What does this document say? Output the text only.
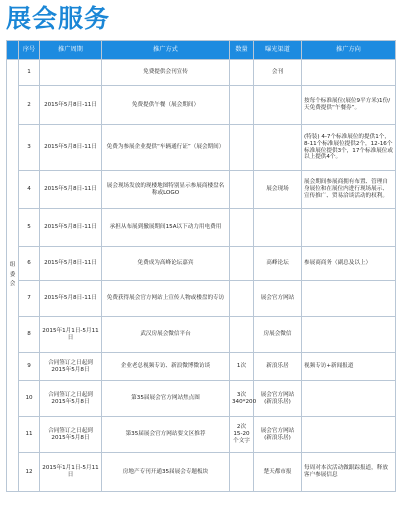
展会服务
	序号	推广周期	推广方式	数量	曝光渠道	推广方向
组委会	1		免费提供会刊宣传		会刊	
	2	2015年5月8日-11日	免费提供午餐（展会期间）			按每个标准展位(展位9平方米)1份/天免费提供“午餐券”。
	3	2015年5月8日-11日	免费为参展企业提供“车辆通行证”（展会期间）			(特装) 4-7个标准展位的提供1个，8-11个标准展位提供2个，12-16个标准展位提供3个，17个标准展位或以上提供4个。
	4	2015年5月8日-11日	展会现场发放的现楼地图特别显示参展商楼盘名称或LOGO		展会现场	展会期间参展商拥有布置、管理自身展位和在展位内进行现场展示、宣传推广、贸易洽谈活动的权利。
	5	2015年5月8日-11日	承担从布展到撤展期间15A以下动力用电费用			
	6	2015年5月8日-11日	免费成为高峰论坛嘉宾		高峰论坛	参展商商务（副总及以上）
	7	2015年5月8日-11日	免费获得展会官方网站上宣传人物或楼盘的专访		展会官方网站	
	8	2015年1月1日-5月11日	武汉房展会微信平台		房展会微信	
	9	合同签订之日起到2015年5月8日	企业老总视频专访、新浪微博微访谈	1次	新浪乐居	视频专访+新闻报道
	10	合同签订之日起到2015年5月8日	第35届展会官方网站焦点图	3次 340*200	展会官方网站 (新浪乐居)	
	11	合同签订之日起到2015年5月8日	第35届展会官方网站要文区推荐	2次 15-20个文字	展会官方网站 (新浪乐居)	
	12	2015年1月1日-5月11日	房地产专刊开通35届展会专题板块		楚天都市报	每周对本次活动做跟踪报道，释放客户参展信息
